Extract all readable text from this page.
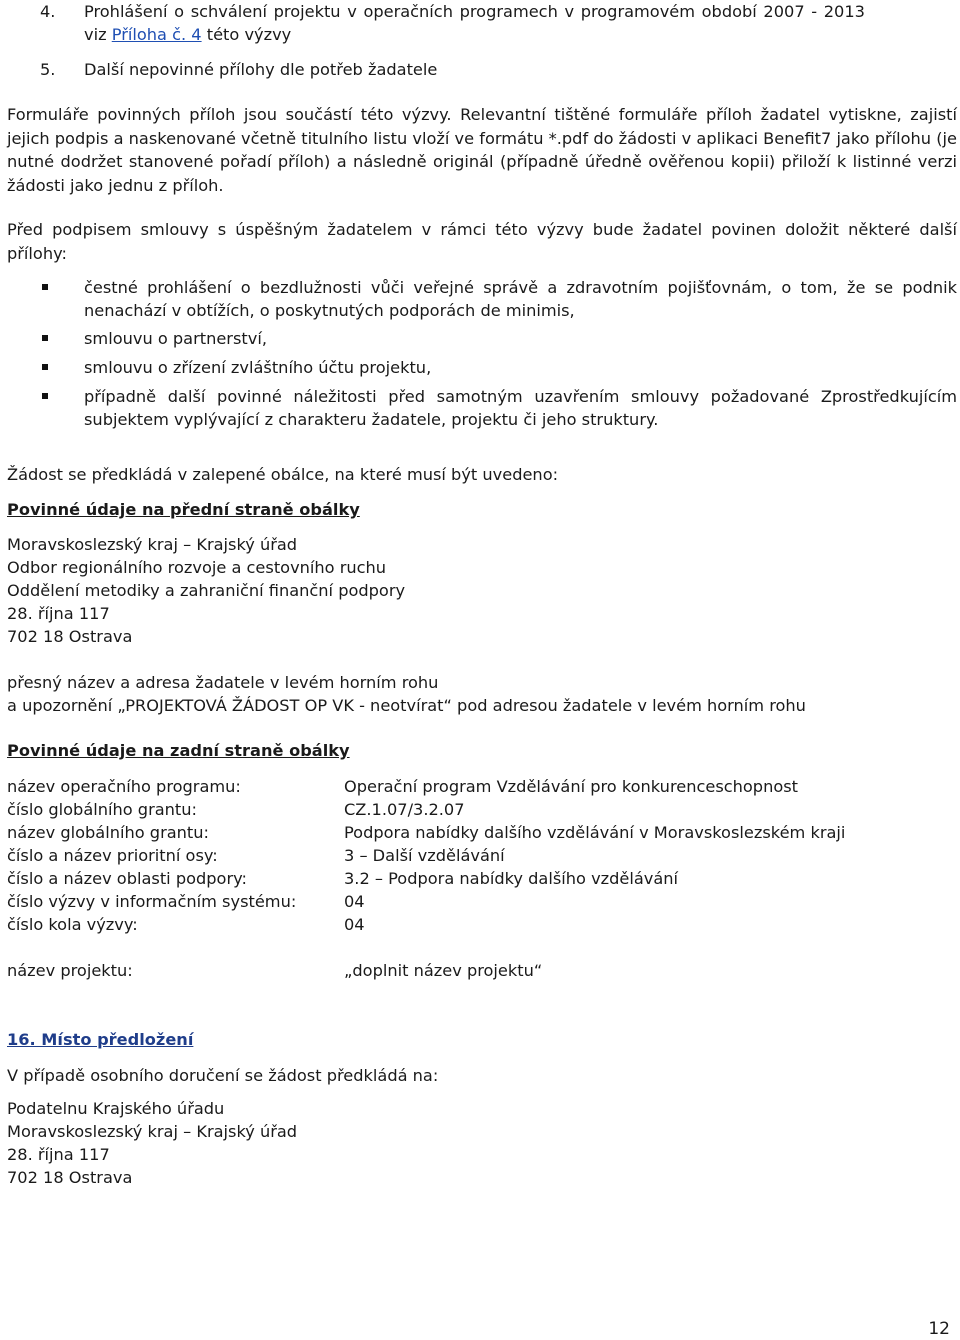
4. Prohlášení o schválení projektu v operačních programech v programovém období 2007 - 2013
viz Příloha č. 4 této výzvy
5. Další nepovinné přílohy dle potřeb žadatele
Formuláře povinných příloh jsou součástí této výzvy. Relevantní tištěné formuláře příloh žadatel vytiskne, zajistí jejich podpis a naskenované včetně titulního listu vloží ve formátu *.pdf do žádosti v aplikaci Benefit7 jako přílohu (je nutné dodržet stanovené pořadí příloh) a následně originál (případně úředně ověřenou kopii) přiloží k listinné verzi žádosti jako jednu z příloh.
Před podpisem smlouvy s úspěšným žadatelem v rámci této výzvy bude žadatel povinen doložit některé další přílohy:
čestné prohlášení o bezdlužnosti vůči veřejné správě a zdravotním pojišťovnám, o tom, že se podnik nenachází v obtížích, o poskytnutých podporách de minimis,
smlouvu o partnerství,
smlouvu o zřízení zvláštního účtu projektu,
případně další povinné náležitosti před samotným uzavřením smlouvy požadované Zprostředkujícím subjektem vyplývající z charakteru žadatele, projektu či jeho struktury.
Žádost se předkládá v zalepené obálce, na které musí být uvedeno:
Povinné údaje na přední straně obálky
Moravskoslezský kraj – Krajský úřad
Odbor regionálního rozvoje a cestovního ruchu
Oddělení metodiky a zahraniční finanční podpory
28. října 117
702 18 Ostrava
přesný název a adresa žadatele v levém horním rohu
a upozornění „PROJEKTOVÁ ŽÁDOST OP VK - neotvírat“ pod adresou žadatele v levém horním rohu
Povinné údaje na zadní straně obálky
název operačního programu:	Operační program Vzdělávání pro konkurenceschopnost
číslo globálního grantu:	CZ.1.07/3.2.07
název globálního grantu:	Podpora nabídky dalšího vzdělávání v Moravskoslezském kraji
číslo a název prioritní osy:	3 – Další vzdělávání
číslo a název oblasti podpory:	3.2 – Podpora nabídky dalšího vzdělávání
číslo výzvy v informačním systému:	04
číslo kola výzvy:	04
název projektu:	„doplnit název projektu“
16. Místo předložení
V případě osobního doručení se žádost předkládá na:
Podatelnu Krajského úřadu
Moravskoslezský kraj – Krajský úřad
28. října 117
702 18 Ostrava
12
